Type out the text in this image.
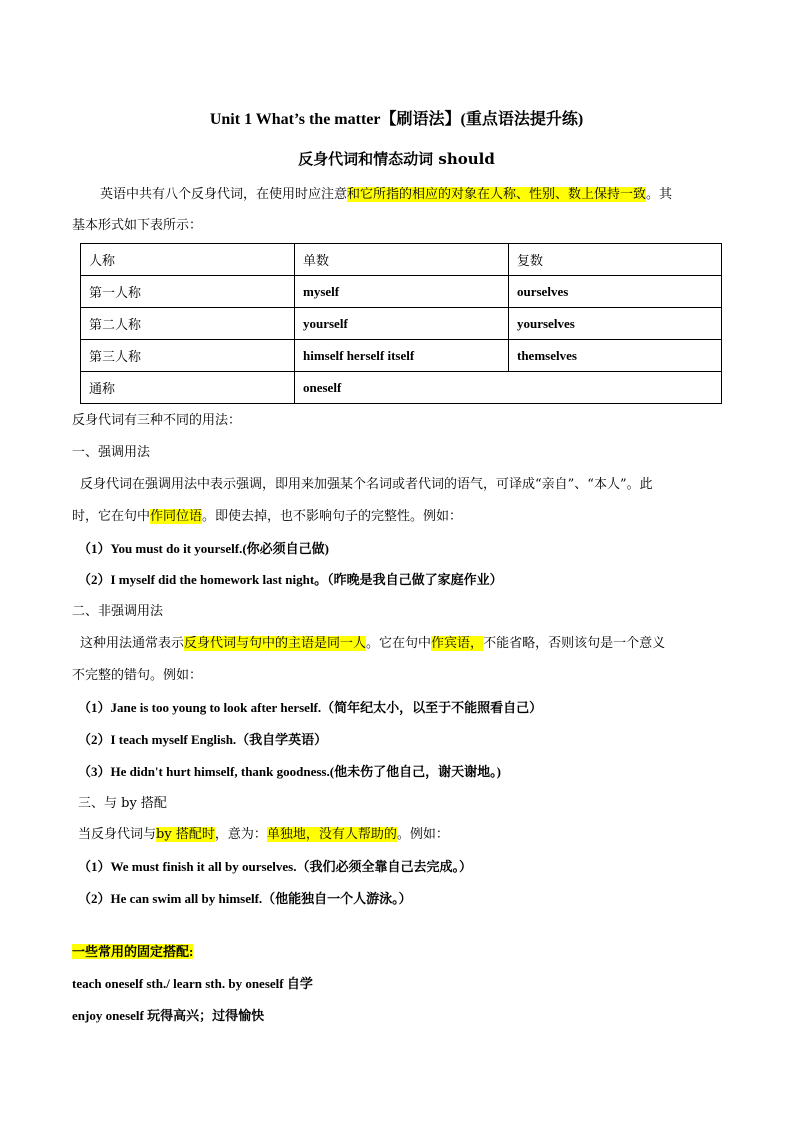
Unit 1 What’s the matter【刷语法】(重点语法提升练)
反身代词和情态动词 should
英语中共有八个反身代词，在使用时应注意和它所指的相应的对象在人称、性别、数上保持一致。其
基本形式如下表所示：
人称	单数	复数
第一人称	myself	ourselves
第二人称	yourself	yourselves
第三人称	himself herself itself	themselves
通称	oneself	
反身代词有三种不同的用法：
一、强调用法
反身代词在强调用法中表示强调，即用来加强某个名词或者代词的语气，可译成“亲自”、“本人”。此
时，它在句中作同位语。即使去掉，也不影响句子的完整性。例如：
（1）You must do it yourself.(你必须自己做)
（2）I myself did the homework last night。（昨晚是我自己做了家庭作业）
二、非强调用法
这种用法通常表示反身代词与句中的主语是同一人。它在句中作宾语，不能省略，否则该句是一个意义
不完整的错句。例如：
（1）Jane is too young to look after herself.（简年纪太小，以至于不能照看自己）
（2）I teach myself English.（我自学英语）
（3）He didn't hurt himself, thank goodness.(他未伤了他自己，谢天谢地。)
三、与 by 搭配
当反身代词与by 搭配时，意为：单独地，没有人帮助的。例如：
（1）We must finish it all by ourselves.（我们必须全靠自己去完成。）
（2）He can swim all by himself.（他能独自一个人游泳。）
一些常用的固定搭配:
teach oneself sth./ learn sth. by oneself 自学
enjoy oneself 玩得高兴；过得愉快
